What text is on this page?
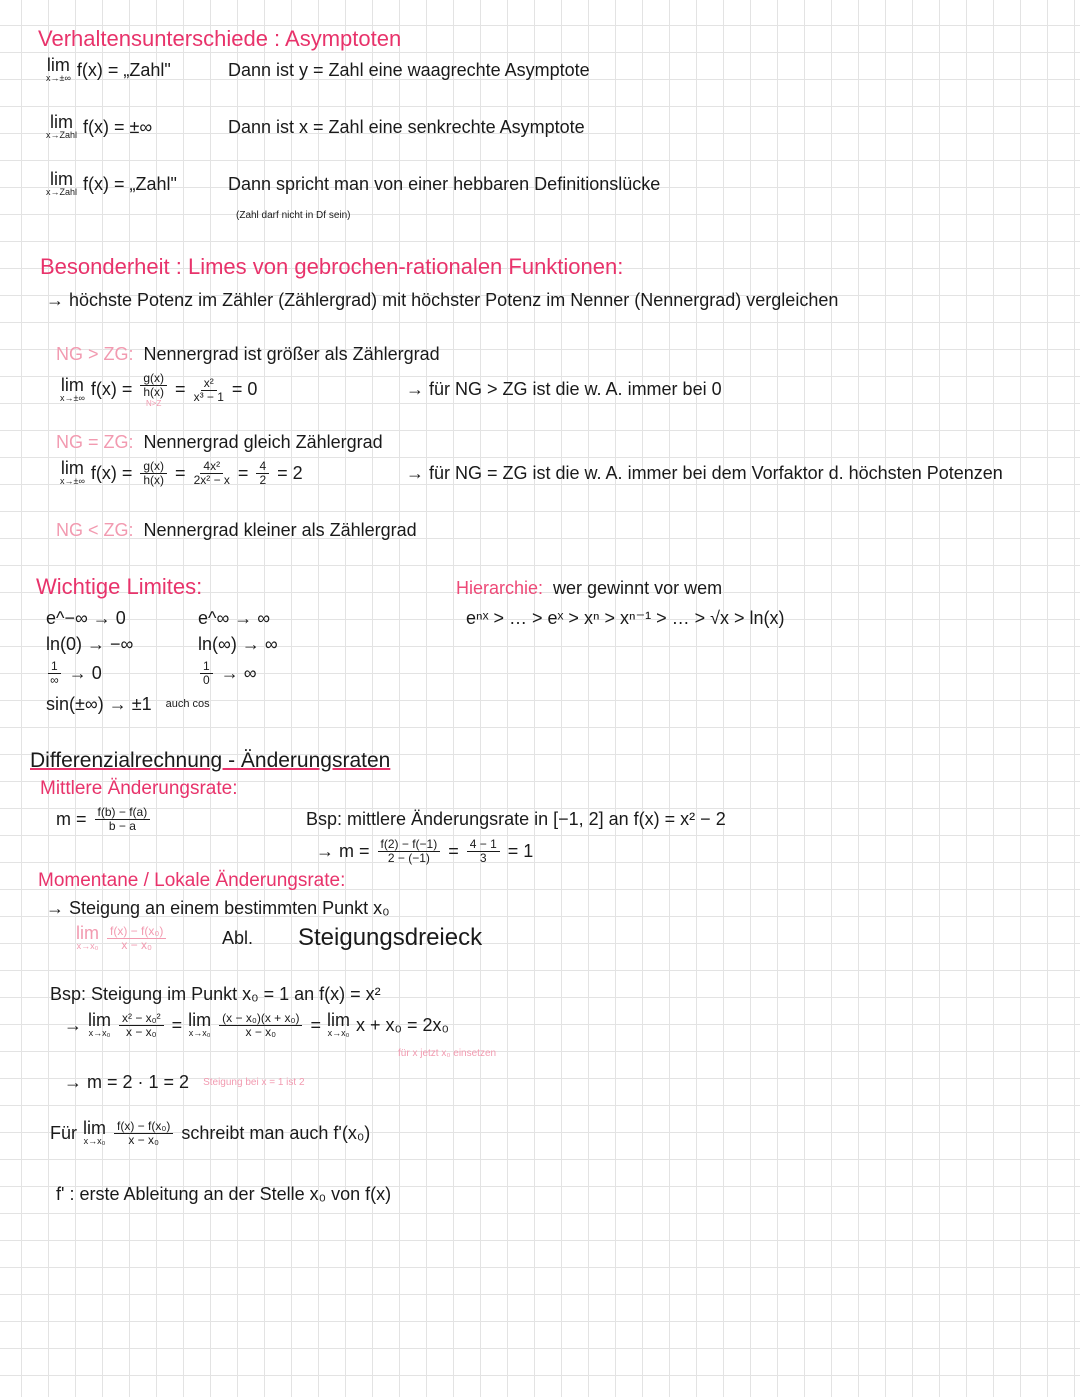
Verhaltensunterschiede : Asymptoten
lim
x→±∞ f(x) = „Zahl"	Dann ist y = Zahl eine waagrechte Asymptote
lim
x→Zahl f(x) = ±∞	Dann ist x = Zahl eine senkrechte Asymptote
lim
x→Zahl f(x) = „Zahl"	Dann spricht man von einer hebbaren Definitionslücke
(Zahl darf nicht in Df sein)
Besonderheit : Limes von gebrochen-rationalen Funktionen:
→ höchste Potenz im Zähler (Zählergrad) mit höchster Potenz im Nenner (Nennergrad) vergleichen
NG > ZG: Nennergrad ist größer als Zählergrad
lim
x→±∞ f(x) =
g(x)
h(x)
N>Z
= $\frac{\text{x²}}{\text{x³ − 1}} = 0$	→ für NG > ZG ist die w. A. immer bei 0
NG = ZG: Nennergrad gleich Zählergrad
lim
x→±∞ $f(x) = \frac{g(x)}{h(x)} = \frac{\text{4x²}}{\text{2x² − x}} = \frac{4}{2} = 2$	→ für NG = ZG ist die w. A. immer bei dem Vorfaktor d. höchsten Potenzen
NG < ZG: Nennergrad kleiner als Zählergrad
Wichtige Limites:
e^−∞ → 0	e^∞ → ∞
ln(0) → −∞	ln(∞) → ∞
$\frac{1}{\infty} \to 0$	$\frac{1}{0}$ → ∞
sin(±∞) → ±1 auch cos
Hierarchie: wer gewinnt vor wem
eⁿˣ > … > eˣ > xⁿ > xⁿ⁻¹ > … > √x > ln(x)
Differenzialrechnung - Änderungsraten
Mittlere Änderungsrate:
$m = \frac{f(b) - f(a)}{b - a}$	Bsp: mittlere Änderungsrate in [−1, 2] an f(x) = x² − 2
→ $m = \frac{f(2) - f(-1)}{2 - (-1)} = \frac{4 - 1}{3} = 1$
Momentane / Lokale Änderungsrate:
→ Steigung an einem bestimmten Punkt x₀
lim
$x\to x_0 \frac{\text{f(x) − f(x₀)}}{\text{x − x₀}}$	Abl.	Steigungsdreieck
Bsp: Steigung im Punkt x₀ = 1 an f(x) = x²
→ lim
$x\to x_0 \frac{\text{x² − x₀²}}{\text{x − x₀}} = \lim$
$x\to x_0 \frac{\text{(x − x₀)(x + x₀)}}{\text{x − x₀}} = \lim$
x→x₀ x + x₀ = 2x₀
für x jetzt x₀ einsetzen
→ m = 2 · 1 = 2 Steigung bei x = 1 ist 2
Für lim
$x\to x_0 \frac{\text{f(x) − f(x₀)}}{\text{x − x₀}}$ schreibt man auch f'(x₀)
f' : erste Ableitung an der Stelle x₀ von f(x)
